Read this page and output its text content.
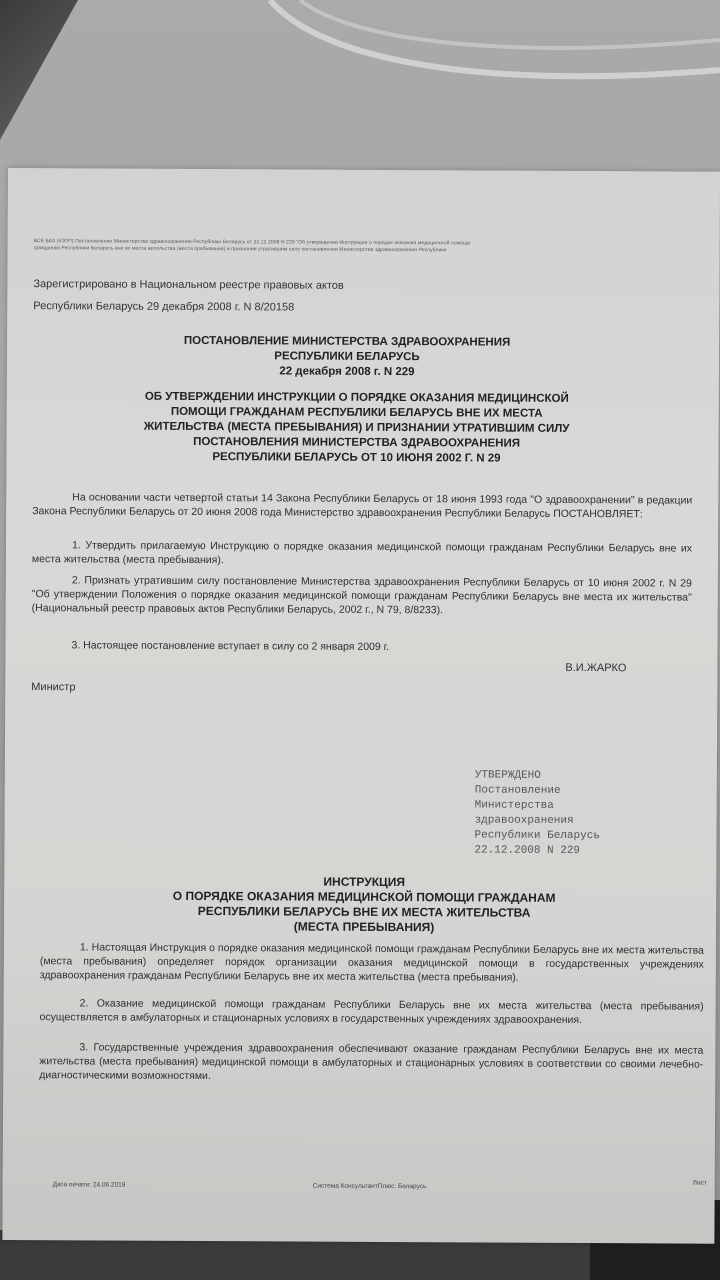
ВСЕ БАЗ (КЭЭ?) Постановление Министерства здравоохранения Республики Беларусь от 22.12.2008 N 229 "Об утверждении Инструкции о порядке оказания медицинской помощи
гражданам Республики Беларусь вне их места жительства (места пребывания) и признании утратившим силу постановления Министерства здравоохранения Республики
Зарегистрировано в Национальном реестре правовых актов
Республики Беларусь 29 декабря 2008 г. N 8/20158
ПОСТАНОВЛЕНИЕ МИНИСТЕРСТВА ЗДРАВООХРАНЕНИЯ
РЕСПУБЛИКИ БЕЛАРУСЬ
22 декабря 2008 г. N 229
ОБ УТВЕРЖДЕНИИ ИНСТРУКЦИИ О ПОРЯДКЕ ОКАЗАНИЯ МЕДИЦИНСКОЙ
ПОМОЩИ ГРАЖДАНАМ РЕСПУБЛИКИ БЕЛАРУСЬ ВНЕ ИХ МЕСТА
ЖИТЕЛЬСТВА (МЕСТА ПРЕБЫВАНИЯ) И ПРИЗНАНИИ УТРАТИВШИМ СИЛУ
ПОСТАНОВЛЕНИЯ МИНИСТЕРСТВА ЗДРАВООХРАНЕНИЯ
РЕСПУБЛИКИ БЕЛАРУСЬ ОТ 10 ИЮНЯ 2002 Г. N 29
На основании части четвертой статьи 14 Закона Республики Беларусь от 18 июня 1993 года "О здравоохранении" в редакции Закона Республики Беларусь от 20 июня 2008 года Министерство здравоохранения Республики Беларусь ПОСТАНОВЛЯЕТ:
1. Утвердить прилагаемую Инструкцию о порядке оказания медицинской помощи гражданам Республики Беларусь вне их места жительства (места пребывания).
2. Признать утратившим силу постановление Министерства здравоохранения Республики Беларусь от 10 июня 2002 г. N 29 "Об утверждении Положения о порядке оказания медицинской помощи гражданам Республики Беларусь вне места их жительства" (Национальный реестр правовых актов Республики Беларусь, 2002 г., N 79, 8/8233).
3. Настоящее постановление вступает в силу со 2 января 2009 г.
В.И.ЖАРКО
Министр
УТВЕРЖДЕНО
Постановление
Министерства
здравоохранения
Республики Беларусь
22.12.2008 N 229
ИНСТРУКЦИЯ
О ПОРЯДКЕ ОКАЗАНИЯ МЕДИЦИНСКОЙ ПОМОЩИ ГРАЖДАНАМ
РЕСПУБЛИКИ БЕЛАРУСЬ ВНЕ ИХ МЕСТА ЖИТЕЛЬСТВА
(МЕСТА ПРЕБЫВАНИЯ)
1. Настоящая Инструкция о порядке оказания медицинской помощи гражданам Республики Беларусь вне их места жительства (места пребывания) определяет порядок организации оказания медицинской помощи в государственных учреждениях здравоохранения гражданам Республики Беларусь вне их места жительства (места пребывания).
2. Оказание медицинской помощи гражданам Республики Беларусь вне их места жительства (места пребывания) осуществляется в амбулаторных и стационарных условиях в государственных учреждениях здравоохранения.
3. Государственные учреждения здравоохранения обеспечивают оказание гражданам Республики Беларусь вне их места жительства (места пребывания) медицинской помощи в амбулаторных и стационарных условиях в соответствии со своими лечебно-диагностическими возможностями.
Дата печати: 24.06.2019	Система КонсультантПлюс: Беларусь	Лист
